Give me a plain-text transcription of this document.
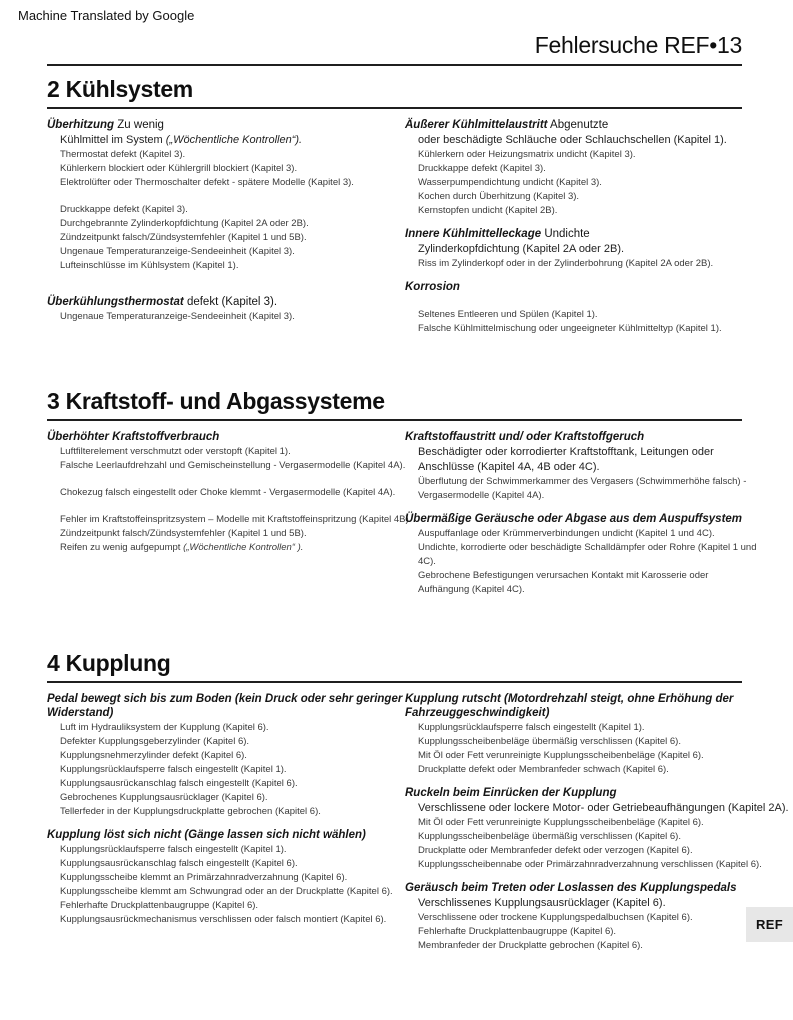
Machine Translated by Google
Fehlersuche REF•13
2 Kühlsystem
Überhitzung Zu wenig
Kühlmittel im System („Wöchentliche Kontrollen“).
Thermostat defekt (Kapitel 3).
Kühlerkern blockiert oder Kühlergrill blockiert (Kapitel 3).
Elektrolüfter oder Thermoschalter defekt - spätere Modelle (Kapitel 3).
Druckkappe defekt (Kapitel 3).
Durchgebrannte Zylinderkopfdichtung (Kapitel 2A oder 2B).
Zündzeitpunkt falsch/Zündsystemfehler (Kapitel 1 und 5B).
Ungenaue Temperaturanzeige-Sendeeinheit (Kapitel 3).
Lufteinschlüsse im Kühlsystem (Kapitel 1).
Überkühlungsthermostat defekt (Kapitel 3).
Ungenaue Temperaturanzeige-Sendeeinheit (Kapitel 3).
Äußerer Kühlmittelaustritt Abgenutzte
oder beschädigte Schläuche oder Schlauchschellen (Kapitel 1).
Kühlerkern oder Heizungsmatrix undicht (Kapitel 3).
Druckkappe defekt (Kapitel 3).
Wasserpumpendichtung undicht (Kapitel 3).
Kochen durch Überhitzung (Kapitel 3).
Kernstopfen undicht (Kapitel 2B).
Innere Kühlmittelleckage Undichte
Zylinderkopfdichtung (Kapitel 2A oder 2B).
Riss im Zylinderkopf oder in der Zylinderbohrung (Kapitel 2A oder 2B).
Korrosion
Seltenes Entleeren und Spülen (Kapitel 1).
Falsche Kühlmittelmischung oder ungeeigneter Kühlmitteltyp (Kapitel 1).
3 Kraftstoff- und Abgassysteme
Überhöhter Kraftstoffverbrauch
Luftfilterelement verschmutzt oder verstopft (Kapitel 1).
Falsche Leerlaufdrehzahl und Gemischeinstellung - Vergasermodelle (Kapitel 4A).
Chokezug falsch eingestellt oder Choke klemmt - Vergasermodelle (Kapitel 4A).
Fehler im Kraftstoffeinspritzsystem – Modelle mit Kraftstoffeinspritzung (Kapitel 4B).
Zündzeitpunkt falsch/Zündsystemfehler (Kapitel 1 und 5B).
Reifen zu wenig aufgepumpt („Wöchentliche Kontrollen“ ).
Kraftstoffaustritt und/ oder Kraftstoffgeruch
Beschädigter oder korrodierter Kraftstofftank, Leitungen oder
Anschlüsse (Kapitel 4A, 4B oder 4C).
Überflutung der Schwimmerkammer des Vergasers (Schwimmerhöhe falsch) -
Vergasermodelle (Kapitel 4A).
Übermäßige Geräusche oder Abgase aus dem Auspuffsystem
Auspuffanlage oder Krümmerverbindungen undicht (Kapitel 1 und 4C).
Undichte, korrodierte oder beschädigte Schalldämpfer oder Rohre (Kapitel 1 und
4C).
Gebrochene Befestigungen verursachen Kontakt mit Karosserie oder
Aufhängung (Kapitel 4C).
4 Kupplung
Pedal bewegt sich bis zum Boden (kein Druck oder sehr geringer
Widerstand)
Luft im Hydrauliksystem der Kupplung (Kapitel 6).
Defekter Kupplungsgeberzylinder (Kapitel 6).
Kupplungsnehmerzylinder defekt (Kapitel 6).
Kupplungsrücklaufsperre falsch eingestellt (Kapitel 1).
Kupplungsausrückanschlag falsch eingestellt (Kapitel 6).
Gebrochenes Kupplungsausrücklager (Kapitel 6).
Tellerfeder in der Kupplungsdruckplatte gebrochen (Kapitel 6).
Kupplung löst sich nicht (Gänge lassen sich nicht wählen)
Kupplungsrücklaufsperre falsch eingestellt (Kapitel 1).
Kupplungsausrückanschlag falsch eingestellt (Kapitel 6).
Kupplungsscheibe klemmt an Primärzahnradverzahnung (Kapitel 6).
Kupplungsscheibe klemmt am Schwungrad oder an der Druckplatte (Kapitel 6).
Fehlerhafte Druckplattenbaugruppe (Kapitel 6).
Kupplungsausrückmechanismus verschlissen oder falsch montiert (Kapitel 6).
Kupplung rutscht (Motordrehzahl steigt, ohne Erhöhung der
Fahrzeuggeschwindigkeit)
Kupplungsrücklaufsperre falsch eingestellt (Kapitel 1).
Kupplungsscheibenbeläge übermäßig verschlissen (Kapitel 6).
Mit Öl oder Fett verunreinigte Kupplungsscheibenbeläge (Kapitel 6).
Druckplatte defekt oder Membranfeder schwach (Kapitel 6).
Ruckeln beim Einrücken der Kupplung
Verschlissene oder lockere Motor- oder Getriebeaufhängungen (Kapitel 2A).
Mit Öl oder Fett verunreinigte Kupplungsscheibenbeläge (Kapitel 6).
Kupplungsscheibenbeläge übermäßig verschlissen (Kapitel 6).
Druckplatte oder Membranfeder defekt oder verzogen (Kapitel 6).
Kupplungsscheibennabe oder Primärzahnradverzahnung verschlissen (Kapitel 6).
Geräusch beim Treten oder Loslassen des Kupplungspedals
Verschlissenes Kupplungsausrücklager (Kapitel 6).
Verschlissene oder trockene Kupplungspedalbuchsen (Kapitel 6).
Fehlerhafte Druckplattenbaugruppe (Kapitel 6).
Membranfeder der Druckplatte gebrochen (Kapitel 6).
REF
